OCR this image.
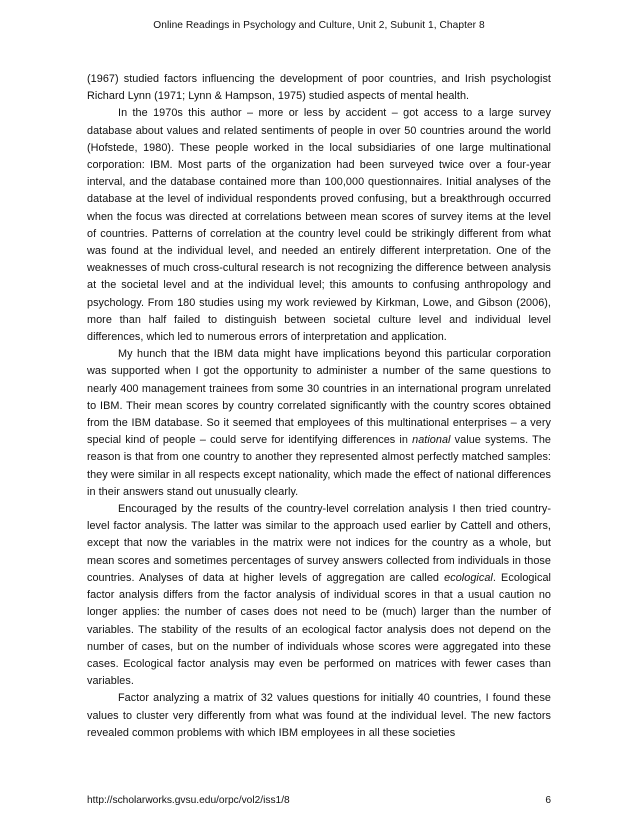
Online Readings in Psychology and Culture, Unit 2, Subunit 1, Chapter 8

(1967) studied factors influencing the development of poor countries, and Irish psychologist Richard Lynn (1971; Lynn & Hampson, 1975) studied aspects of mental health.

In the 1970s this author – more or less by accident – got access to a large survey database about values and related sentiments of people in over 50 countries around the world (Hofstede, 1980). These people worked in the local subsidiaries of one large multinational corporation: IBM. Most parts of the organization had been surveyed twice over a four-year interval, and the database contained more than 100,000 questionnaires. Initial analyses of the database at the level of individual respondents proved confusing, but a breakthrough occurred when the focus was directed at correlations between mean scores of survey items at the level of countries. Patterns of correlation at the country level could be strikingly different from what was found at the individual level, and needed an entirely different interpretation. One of the weaknesses of much cross-cultural research is not recognizing the difference between analysis at the societal level and at the individual level; this amounts to confusing anthropology and psychology. From 180 studies using my work reviewed by Kirkman, Lowe, and Gibson (2006), more than half failed to distinguish between societal culture level and individual level differences, which led to numerous errors of interpretation and application.

My hunch that the IBM data might have implications beyond this particular corporation was supported when I got the opportunity to administer a number of the same questions to nearly 400 management trainees from some 30 countries in an international program unrelated to IBM. Their mean scores by country correlated significantly with the country scores obtained from the IBM database. So it seemed that employees of this multinational enterprises – a very special kind of people – could serve for identifying differences in national value systems. The reason is that from one country to another they represented almost perfectly matched samples: they were similar in all respects except nationality, which made the effect of national differences in their answers stand out unusually clearly.

Encouraged by the results of the country-level correlation analysis I then tried country-level factor analysis. The latter was similar to the approach used earlier by Cattell and others, except that now the variables in the matrix were not indices for the country as a whole, but mean scores and sometimes percentages of survey answers collected from individuals in those countries. Analyses of data at higher levels of aggregation are called ecological. Ecological factor analysis differs from the factor analysis of individual scores in that a usual caution no longer applies: the number of cases does not need to be (much) larger than the number of variables. The stability of the results of an ecological factor analysis does not depend on the number of cases, but on the number of individuals whose scores were aggregated into these cases. Ecological factor analysis may even be performed on matrices with fewer cases than variables.

Factor analyzing a matrix of 32 values questions for initially 40 countries, I found these values to cluster very differently from what was found at the individual level. The new factors revealed common problems with which IBM employees in all these societies

http://scholarworks.gvsu.edu/orpc/vol2/iss1/8	6
